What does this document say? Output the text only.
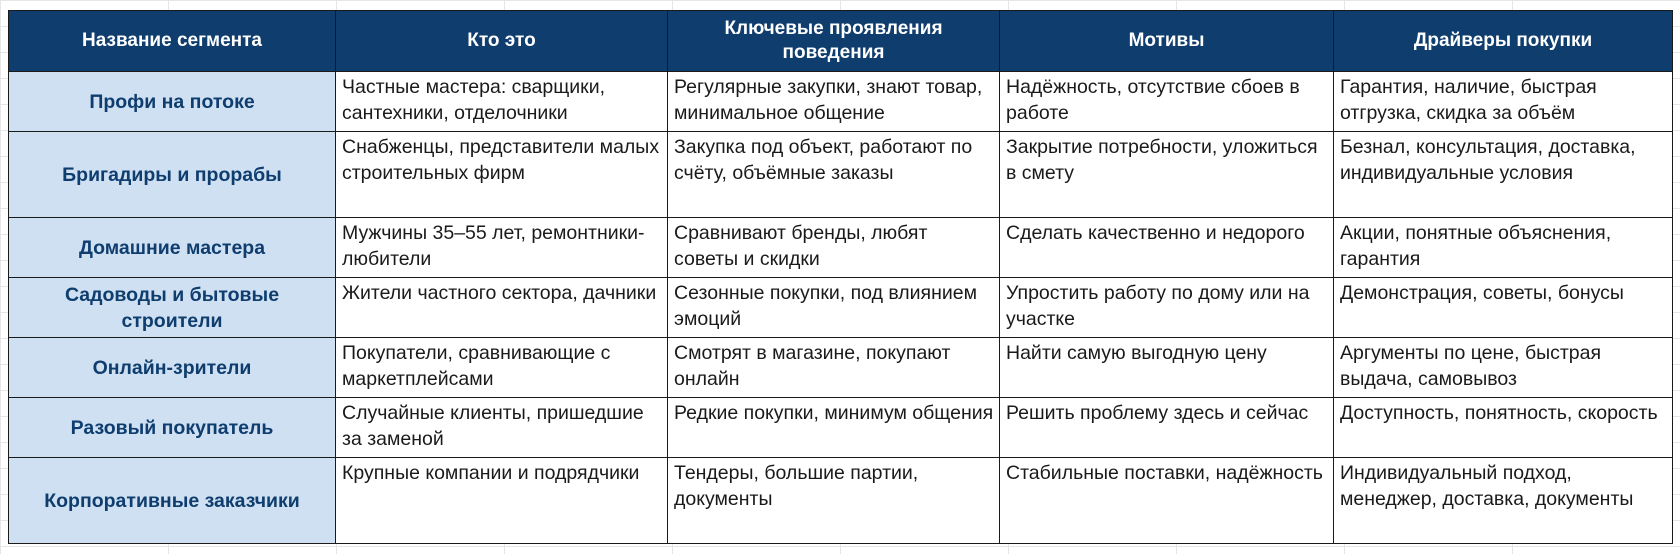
Название сегмента	Кто это	Ключевые проявления поведения	Мотивы	Драйверы покупки
Профи на потоке	Частные мастера: сварщики, сантехники, отделочники	Регулярные закупки, знают товар, минимальное общение	Надёжность, отсутствие сбоев в работе	Гарантия, наличие, быстрая отгрузка, скидка за объём
Бригадиры и прорабы	Снабженцы, представители малых строительных фирм	Закупка под объект, работают по счёту, объёмные заказы	Закрытие потребности, уложиться в смету	Безнал, консультация, доставка, индивидуальные условия
Домашние мастера	Мужчины 35–55 лет, ремонтники-любители	Сравнивают бренды, любят советы и скидки	Сделать качественно и недорого	Акции, понятные объяснения, гарантия
Садоводы и бытовые строители	Жители частного сектора, дачники	Сезонные покупки, под влиянием эмоций	Упростить работу по дому или на участке	Демонстрация, советы, бонусы
Онлайн-зрители	Покупатели, сравнивающие с маркетплейсами	Смотрят в магазине, покупают онлайн	Найти самую выгодную цену	Аргументы по цене, быстрая выдача, самовывоз
Разовый покупатель	Случайные клиенты, пришедшие за заменой	Редкие покупки, минимум общения	Решить проблему здесь и сейчас	Доступность, понятность, скорость
Корпоративные заказчики	Крупные компании и подрядчики	Тендеры, большие партии, документы	Стабильные поставки, надёжность	Индивидуальный подход, менеджер, доставка, документы
